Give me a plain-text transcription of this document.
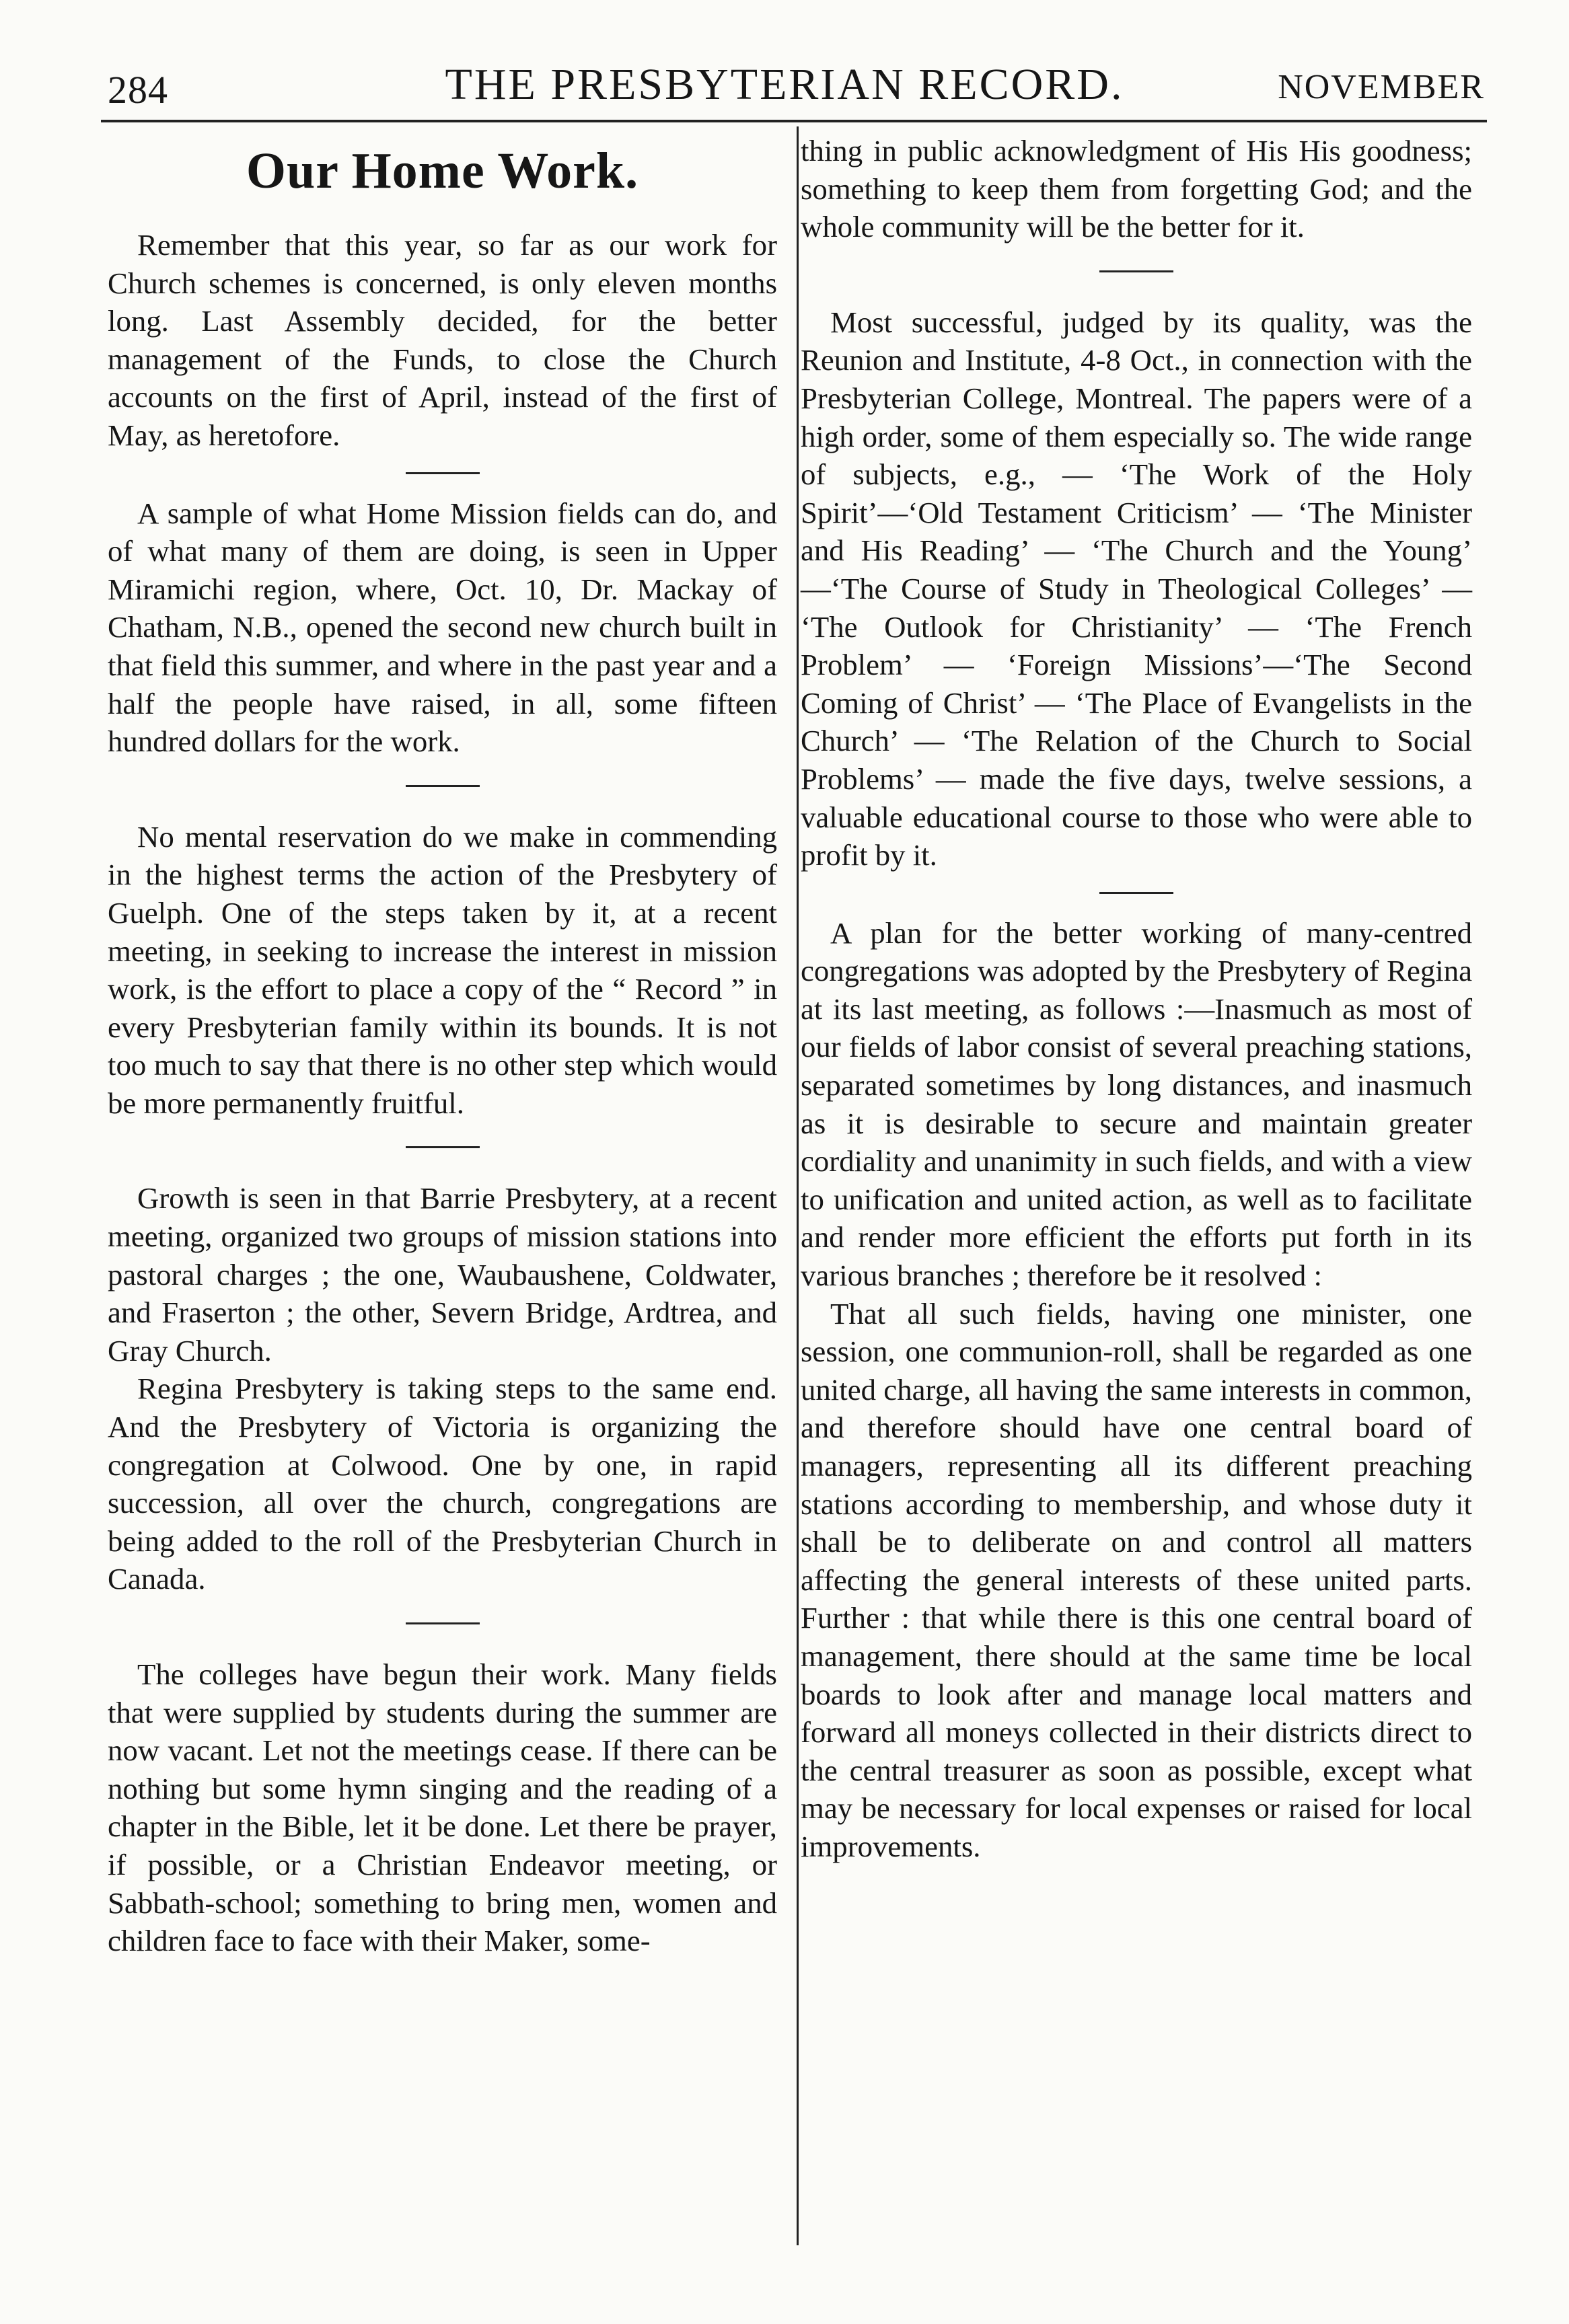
284	THE PRESBYTERIAN RECORD.	NOVEMBER
Our Home Work.

Remember that this year, so far as our work for Church schemes is concerned, is only eleven months long. Last Assembly decided, for the better management of the Funds, to close the Church accounts on the first of April, instead of the first of May, as heretofore.

A sample of what Home Mission fields can do, and of what many of them are doing, is seen in Upper Miramichi region, where, Oct. 10, Dr. Mackay of Chatham, N.B., opened the second new church built in that field this summer, and where in the past year and a half the people have raised, in all, some fifteen hundred dollars for the work.

No mental reservation do we make in commending in the highest terms the action of the Presbytery of Guelph. One of the steps taken by it, at a recent meeting, in seeking to increase the interest in mission work, is the effort to place a copy of the “ Record ” in every Presbyterian family within its bounds. It is not too much to say that there is no other step which would be more permanently fruitful.

Growth is seen in that Barrie Presbytery, at a recent meeting, organized two groups of mission stations into pastoral charges ; the one, Waubaushene, Coldwater, and Fraserton ; the other, Severn Bridge, Ardtrea, and Gray Church.

Regina Presbytery is taking steps to the same end. And the Presbytery of Victoria is organizing the congregation at Colwood. One by one, in rapid succession, all over the church, congregations are being added to the roll of the Presbyterian Church in Canada.

The colleges have begun their work. Many fields that were supplied by students during the summer are now vacant. Let not the meetings cease. If there can be nothing but some hymn singing and the reading of a chapter in the Bible, let it be done. Let there be prayer, if possible, or a Christian Endeavor meeting, or Sabbath-school; something to bring men, women and children face to face with their Maker, some-

thing in public acknowledgment of His His goodness; something to keep them from forgetting God; and the whole community will be the better for it.

Most successful, judged by its quality, was the Reunion and Institute, 4-8 Oct., in connection with the Presbyterian College, Montreal. The papers were of a high order, some of them especially so. The wide range of subjects, e.g., — ‘The Work of the Holy Spirit’—‘Old Testament Criticism’ — ‘The Minister and His Reading’ — ‘The Church and the Young’ —‘The Course of Study in Theological Colleges’ — ‘The Outlook for Christianity’ — ‘The French Problem’ — ‘Foreign Missions’—‘The Second Coming of Christ’ — ‘The Place of Evangelists in the Church’ — ‘The Relation of the Church to Social Problems’ — made the five days, twelve sessions, a valuable educational course to those who were able to profit by it.

A plan for the better working of many-centred congregations was adopted by the Presbytery of Regina at its last meeting, as follows :—Inasmuch as most of our fields of labor consist of several preaching stations, separated sometimes by long distances, and inasmuch as it is desirable to secure and maintain greater cordiality and unanimity in such fields, and with a view to unification and united action, as well as to facilitate and render more efficient the efforts put forth in its various branches ; therefore be it resolved :

That all such fields, having one minister, one session, one communion-roll, shall be regarded as one united charge, all having the same interests in common, and therefore should have one central board of managers, representing all its different preaching stations according to membership, and whose duty it shall be to deliberate on and control all matters affecting the general interests of these united parts. Further : that while there is this one central board of management, there should at the same time be local boards to look after and manage local matters and forward all moneys collected in their districts direct to the central treasurer as soon as possible, except what may be necessary for local expenses or raised for local improvements.
